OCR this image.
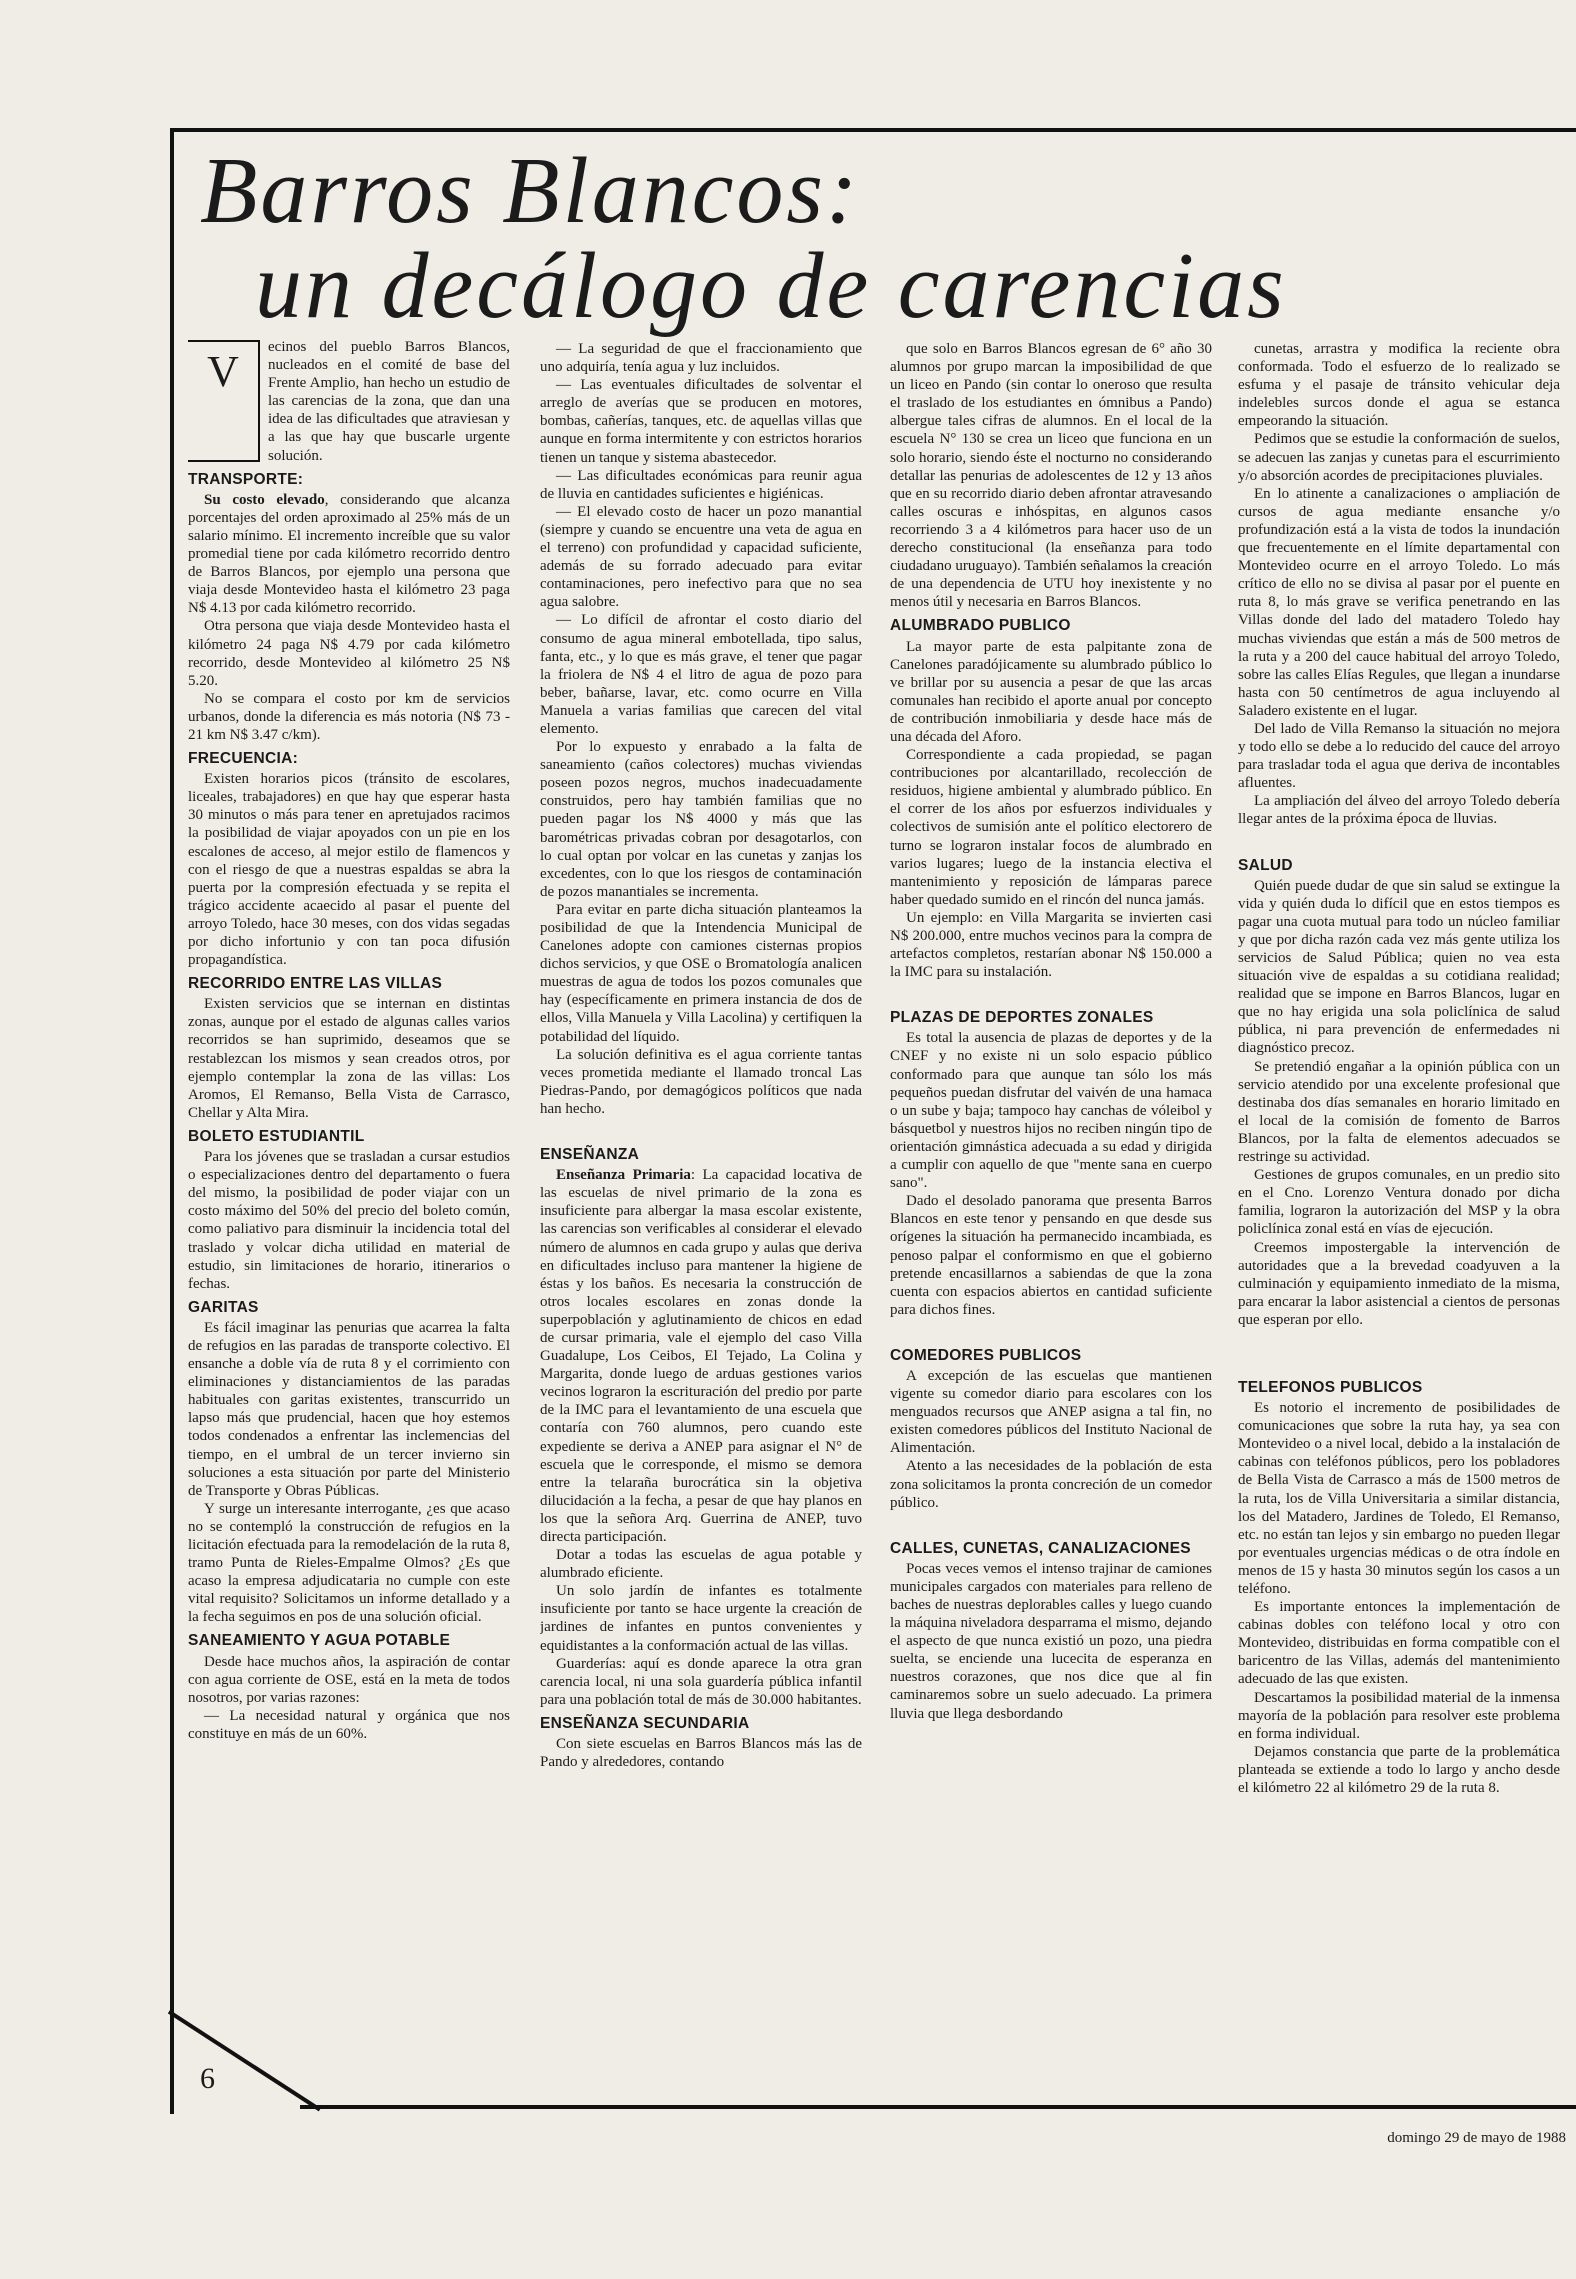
Barros Blancos:
un decálogo de carencias

V	ecinos del pueblo Barros Blancos, nucleados en el comité de base del Frente Amplio, han hecho un estudio de las carencias de la zona, que dan una idea de las dificultades que atraviesan y a las que hay que buscarle urgente solución.

TRANSPORTE:

Su costo elevado, considerando que alcanza porcentajes del orden aproximado al 25% más de un salario mínimo. El incremento increíble que su valor promedial tiene por cada kilómetro recorrido dentro de Barros Blancos, por ejemplo una persona que viaja desde Montevideo hasta el kilómetro 23 paga N$ 4.13 por cada kilómetro recorrido.

Otra persona que viaja desde Montevideo hasta el kilómetro 24 paga N$ 4.79 por cada kilómetro recorrido, desde Montevideo al kilómetro 25 N$ 5.20.

No se compara el costo por km de servicios urbanos, donde la diferencia es más notoria (N$ 73 - 21 km N$ 3.47 c/km).

FRECUENCIA:

Existen horarios picos (tránsito de escolares, liceales, trabajadores) en que hay que esperar hasta 30 minutos o más para tener en apretujados racimos la posibilidad de viajar apoyados con un pie en los escalones de acceso, al mejor estilo de flamencos y con el riesgo de que a nuestras espaldas se abra la puerta por la compresión efectuada y se repita el trágico accidente acaecido al pasar el puente del arroyo Toledo, hace 30 meses, con dos vidas segadas por dicho infortunio y con tan poca difusión propagandística.

RECORRIDO ENTRE LAS VILLAS

Existen servicios que se internan en distintas zonas, aunque por el estado de algunas calles varios recorridos se han suprimido, deseamos que se restablezcan los mismos y sean creados otros, por ejemplo contemplar la zona de las villas: Los Aromos, El Remanso, Bella Vista de Carrasco, Chellar y Alta Mira.

BOLETO ESTUDIANTIL

Para los jóvenes que se trasladan a cursar estudios o especializaciones dentro del departamento o fuera del mismo, la posibilidad de poder viajar con un costo máximo del 50% del precio del boleto común, como paliativo para disminuir la incidencia total del traslado y volcar dicha utilidad en material de estudio, sin limitaciones de horario, itinerarios o fechas.

GARITAS

Es fácil imaginar las penurias que acarrea la falta de refugios en las paradas de transporte colectivo. El ensanche a doble vía de ruta 8 y el corrimiento con eliminaciones y distanciamientos de las paradas habituales con garitas existentes, transcurrido un lapso más que prudencial, hacen que hoy estemos todos condenados a enfrentar las inclemencias del tiempo, en el umbral de un tercer invierno sin soluciones a esta situación por parte del Ministerio de Transporte y Obras Públicas.

Y surge un interesante interrogante, ¿es que acaso no se contempló la construcción de refugios en la licitación efectuada para la remodelación de la ruta 8, tramo Punta de Rieles-Empalme Olmos? ¿Es que acaso la empresa adjudicataria no cumple con este vital requisito? Solicitamos un informe detallado y a la fecha seguimos en pos de una solución oficial.

SANEAMIENTO Y AGUA POTABLE

Desde hace muchos años, la aspiración de contar con agua corriente de OSE, está en la meta de todos nosotros, por varias razones:

— La necesidad natural y orgánica que nos constituye en más de un 60%.

— La seguridad de que el fraccionamiento que uno adquiría, tenía agua y luz incluidos.

— Las eventuales dificultades de solventar el arreglo de averías que se producen en motores, bombas, cañerías, tanques, etc. de aquellas villas que aunque en forma intermitente y con estrictos horarios tienen un tanque y sistema abastecedor.

— Las dificultades económicas para reunir agua de lluvia en cantidades suficientes e higiénicas.

— El elevado costo de hacer un pozo manantial (siempre y cuando se encuentre una veta de agua en el terreno) con profundidad y capacidad suficiente, además de su forrado adecuado para evitar contaminaciones, pero inefectivo para que no sea agua salobre.

— Lo difícil de afrontar el costo diario del consumo de agua mineral embotellada, tipo salus, fanta, etc., y lo que es más grave, el tener que pagar la friolera de N$ 4 el litro de agua de pozo para beber, bañarse, lavar, etc. como ocurre en Villa Manuela a varias familias que carecen del vital elemento.

Por lo expuesto y enrabado a la falta de saneamiento (caños colectores) muchas viviendas poseen pozos negros, muchos inadecuadamente construidos, pero hay también familias que no pueden pagar los N$ 4000 y más que las barométricas privadas cobran por desagotarlos, con lo cual optan por volcar en las cunetas y zanjas los excedentes, con lo que los riesgos de contaminación de pozos manantiales se incrementa.

Para evitar en parte dicha situación planteamos la posibilidad de que la Intendencia Municipal de Canelones adopte con camiones cisternas propios dichos servicios, y que OSE o Bromatología analicen muestras de agua de todos los pozos comunales que hay (específicamente en primera instancia de dos de ellos, Villa Manuela y Villa Lacolina) y certifiquen la potabilidad del líquido.

La solución definitiva es el agua corriente tantas veces prometida mediante el llamado troncal Las Piedras-Pando, por demagógicos políticos que nada han hecho.

ENSEÑANZA

Enseñanza Primaria: La capacidad locativa de las escuelas de nivel primario de la zona es insuficiente para albergar la masa escolar existente, las carencias son verificables al considerar el elevado número de alumnos en cada grupo y aulas que deriva en dificultades incluso para mantener la higiene de éstas y los baños. Es necesaria la construcción de otros locales escolares en zonas donde la superpoblación y aglutinamiento de chicos en edad de cursar primaria, vale el ejemplo del caso Villa Guadalupe, Los Ceibos, El Tejado, La Colina y Margarita, donde luego de arduas gestiones varios vecinos lograron la escrituración del predio por parte de la IMC para el levantamiento de una escuela que contaría con 760 alumnos, pero cuando este expediente se deriva a ANEP para asignar el N° de escuela que le corresponde, el mismo se demora entre la telaraña burocrática sin la objetiva dilucidación a la fecha, a pesar de que hay planos en los que la señora Arq. Guerrina de ANEP, tuvo directa participación.

Dotar a todas las escuelas de agua potable y alumbrado eficiente.

Un solo jardín de infantes es totalmente insuficiente por tanto se hace urgente la creación de jardines de infantes en puntos convenientes y equidistantes a la conformación actual de las villas.

Guarderías: aquí es donde aparece la otra gran carencia local, ni una sola guardería pública infantil para una población total de más de 30.000 habitantes.

ENSEÑANZA SECUNDARIA

Con siete escuelas en Barros Blancos más las de Pando y alrededores, contando

que solo en Barros Blancos egresan de 6° año 30 alumnos por grupo marcan la imposibilidad de que un liceo en Pando (sin contar lo oneroso que resulta el traslado de los estudiantes en ómnibus a Pando) albergue tales cifras de alumnos. En el local de la escuela N° 130 se crea un liceo que funciona en un solo horario, siendo éste el nocturno no considerando detallar las penurias de adolescentes de 12 y 13 años que en su recorrido diario deben afrontar atravesando calles oscuras e inhóspitas, en algunos casos recorriendo 3 a 4 kilómetros para hacer uso de un derecho constitucional (la enseñanza para todo ciudadano uruguayo). También señalamos la creación de una dependencia de UTU hoy inexistente y no menos útil y necesaria en Barros Blancos.

ALUMBRADO PUBLICO

La mayor parte de esta palpitante zona de Canelones paradójicamente su alumbrado público lo ve brillar por su ausencia a pesar de que las arcas comunales han recibido el aporte anual por concepto de contribución inmobiliaria y desde hace más de una década del Aforo.

Correspondiente a cada propiedad, se pagan contribuciones por alcantarillado, recolección de residuos, higiene ambiental y alumbrado público. En el correr de los años por esfuerzos individuales y colectivos de sumisión ante el político electorero de turno se lograron instalar focos de alumbrado en varios lugares; luego de la instancia electiva el mantenimiento y reposición de lámparas parece haber quedado sumido en el rincón del nunca jamás.

Un ejemplo: en Villa Margarita se invierten casi N$ 200.000, entre muchos vecinos para la compra de artefactos completos, restarían abonar N$ 150.000 a la IMC para su instalación.

PLAZAS DE DEPORTES ZONALES

Es total la ausencia de plazas de deportes y de la CNEF y no existe ni un solo espacio público conformado para que aunque tan sólo los más pequeños puedan disfrutar del vaivén de una hamaca o un sube y baja; tampoco hay canchas de vóleibol y básquetbol y nuestros hijos no reciben ningún tipo de orientación gimnástica adecuada a su edad y dirigida a cumplir con aquello de que "mente sana en cuerpo sano".

Dado el desolado panorama que presenta Barros Blancos en este tenor y pensando en que desde sus orígenes la situación ha permanecido incambiada, es penoso palpar el conformismo en que el gobierno pretende encasillarnos a sabiendas de que la zona cuenta con espacios abiertos en cantidad suficiente para dichos fines.

COMEDORES PUBLICOS

A excepción de las escuelas que mantienen vigente su comedor diario para escolares con los menguados recursos que ANEP asigna a tal fin, no existen comedores públicos del Instituto Nacional de Alimentación.

Atento a las necesidades de la población de esta zona solicitamos la pronta concreción de un comedor público.

CALLES, CUNETAS, CANALIZACIONES

Pocas veces vemos el intenso trajinar de camiones municipales cargados con materiales para relleno de baches de nuestras deplorables calles y luego cuando la máquina niveladora desparrama el mismo, dejando el aspecto de que nunca existió un pozo, una piedra suelta, se enciende una lucecita de esperanza en nuestros corazones, que nos dice que al fin caminaremos sobre un suelo adecuado. La primera lluvia que llega desbordando

cunetas, arrastra y modifica la reciente obra conformada. Todo el esfuerzo de lo realizado se esfuma y el pasaje de tránsito vehicular deja indelebles surcos donde el agua se estanca empeorando la situación.

Pedimos que se estudie la conformación de suelos, se adecuen las zanjas y cunetas para el escurrimiento y/o absorción acordes de precipitaciones pluviales.

En lo atinente a canalizaciones o ampliación de cursos de agua mediante ensanche y/o profundización está a la vista de todos la inundación que frecuentemente en el límite departamental con Montevideo ocurre en el arroyo Toledo. Lo más crítico de ello no se divisa al pasar por el puente en ruta 8, lo más grave se verifica penetrando en las Villas donde del lado del matadero Toledo hay muchas viviendas que están a más de 500 metros de la ruta y a 200 del cauce habitual del arroyo Toledo, sobre las calles Elías Regules, que llegan a inundarse hasta con 50 centímetros de agua incluyendo al Saladero existente en el lugar.

Del lado de Villa Remanso la situación no mejora y todo ello se debe a lo reducido del cauce del arroyo para trasladar toda el agua que deriva de incontables afluentes.

La ampliación del álveo del arroyo Toledo debería llegar antes de la próxima época de lluvias.

SALUD

Quién puede dudar de que sin salud se extingue la vida y quién duda lo difícil que en estos tiempos es pagar una cuota mutual para todo un núcleo familiar y que por dicha razón cada vez más gente utiliza los servicios de Salud Pública; quien no vea esta situación vive de espaldas a su cotidiana realidad; realidad que se impone en Barros Blancos, lugar en que no hay erigida una sola policlínica de salud pública, ni para prevención de enfermedades ni diagnóstico precoz.

Se pretendió engañar a la opinión pública con un servicio atendido por una excelente profesional que destinaba dos días semanales en horario limitado en el local de la comisión de fomento de Barros Blancos, por la falta de elementos adecuados se restringe su actividad.

Gestiones de grupos comunales, en un predio sito en el Cno. Lorenzo Ventura donado por dicha familia, lograron la autorización del MSP y la obra policlínica zonal está en vías de ejecución.

Creemos impostergable la intervención de autoridades que a la brevedad coadyuven a la culminación y equipamiento inmediato de la misma, para encarar la labor asistencial a cientos de personas que esperan por ello.

TELEFONOS PUBLICOS

Es notorio el incremento de posibilidades de comunicaciones que sobre la ruta hay, ya sea con Montevideo o a nivel local, debido a la instalación de cabinas con teléfonos públicos, pero los pobladores de Bella Vista de Carrasco a más de 1500 metros de la ruta, los de Villa Universitaria a similar distancia, los del Matadero, Jardines de Toledo, El Remanso, etc. no están tan lejos y sin embargo no pueden llegar por eventuales urgencias médicas o de otra índole en menos de 15 y hasta 30 minutos según los casos a un teléfono.

Es importante entonces la implementación de cabinas dobles con teléfono local y otro con Montevideo, distribuidas en forma compatible con el baricentro de las Villas, además del mantenimiento adecuado de las que existen.

Descartamos la posibilidad material de la inmensa mayoría de la población para resolver este problema en forma individual.

Dejamos constancia que parte de la problemática planteada se extiende a todo lo largo y ancho desde el kilómetro 22 al kilómetro 29 de la ruta 8.

6
domingo 29 de mayo de 1988
